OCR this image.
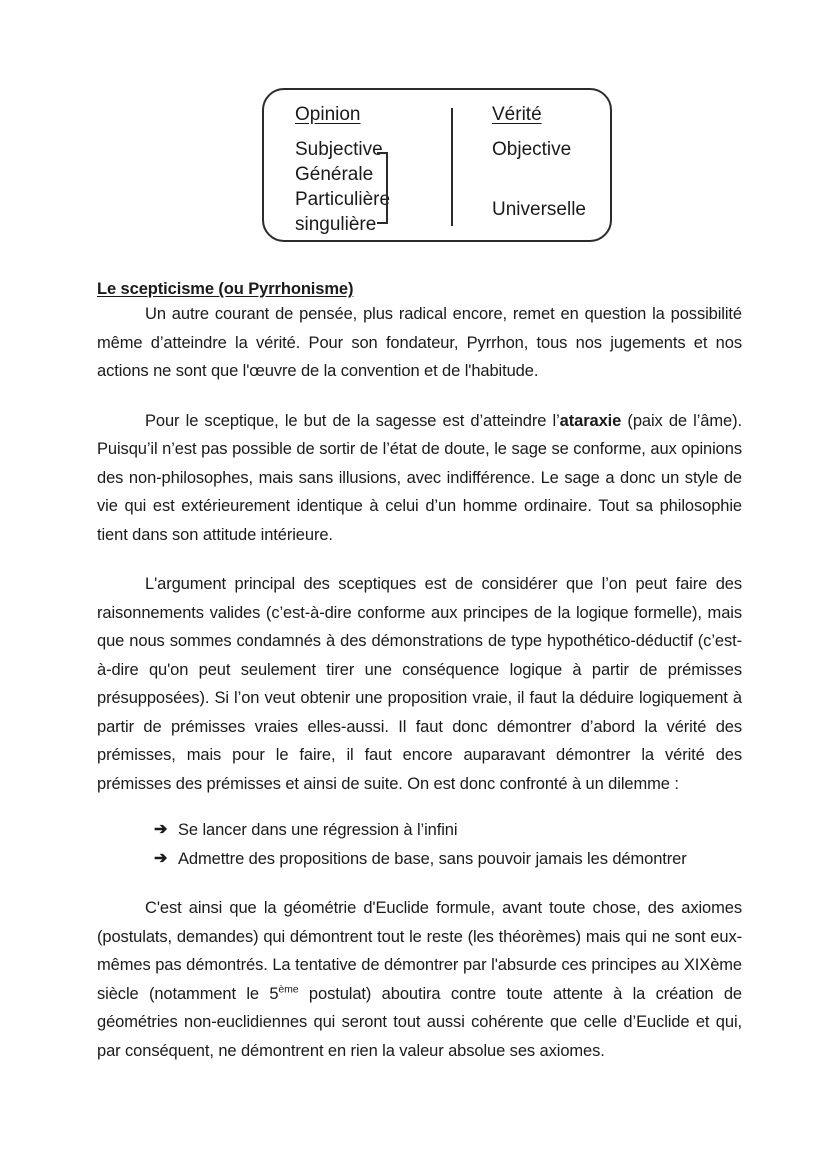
Opinion
Subjective
Générale
Particulière
singulière
Vérité
Objective
Universelle
Le scepticisme (ou Pyrrhonisme)

Un autre courant de pensée, plus radical encore, remet en question la possibilité même d’atteindre la vérité. Pour son fondateur, Pyrrhon, tous nos jugements et nos actions ne sont que l'œuvre de la convention et de l'habitude.

Pour le sceptique, le but de la sagesse est d’atteindre l’ataraxie (paix de l’âme). Puisqu’il n’est pas possible de sortir de l’état de doute, le sage se conforme, aux opinions des non-philosophes, mais sans illusions, avec indifférence. Le sage a donc un style de vie qui est extérieurement identique à celui d’un homme ordinaire. Tout sa philosophie tient dans son attitude intérieure.

L'argument principal des sceptiques est de considérer que l’on peut faire des raisonnements valides (c’est-à-dire conforme aux principes de la logique formelle), mais que nous sommes condamnés à des démonstrations de type hypothético-déductif (c’est-à-dire qu'on peut seulement tirer une conséquence logique à partir de prémisses présupposées). Si l’on veut obtenir une proposition vraie, il faut la déduire logiquement à partir de prémisses vraies elles-aussi. Il faut donc démontrer d’abord la vérité des prémisses, mais pour le faire, il faut encore auparavant démontrer la vérité des prémisses des prémisses et ainsi de suite. On est donc confronté à un dilemme :

➔ Se lancer dans une régression à l’infini
➔ Admettre des propositions de base, sans pouvoir jamais les démontrer

C'est ainsi que la géométrie d'Euclide formule, avant toute chose, des axiomes (postulats, demandes) qui démontrent tout le reste (les théorèmes) mais qui ne sont eux-mêmes pas démontrés. La tentative de démontrer par l'absurde ces principes au XIXème siècle (notamment le 5ème postulat) aboutira contre toute attente à la création de géométries non-euclidiennes qui seront tout aussi cohérente que celle d’Euclide et qui, par conséquent, ne démontrent en rien la valeur absolue ses axiomes.
